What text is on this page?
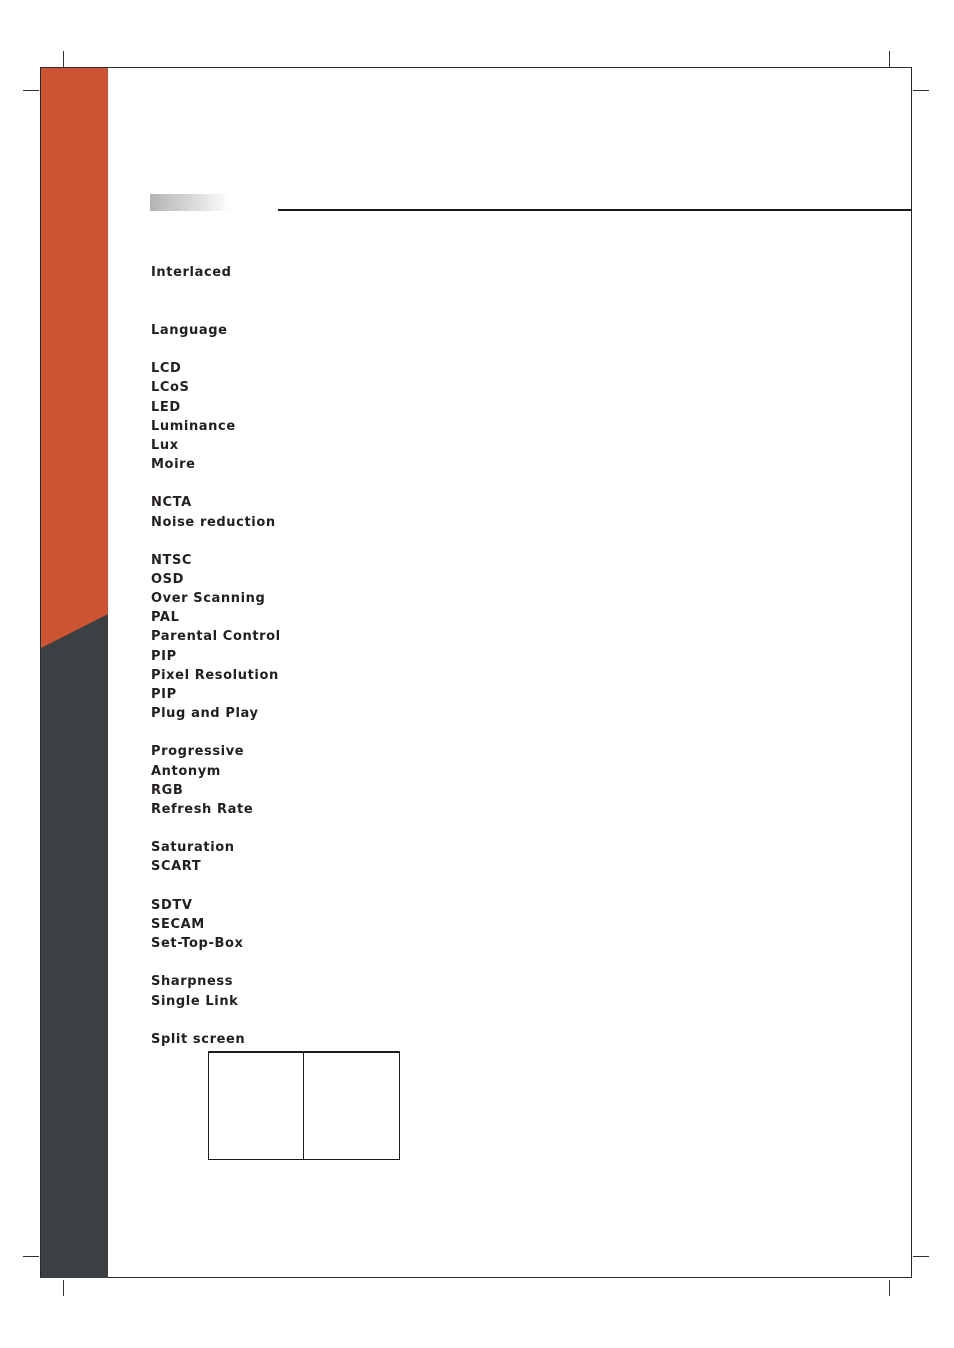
Interlaced
Language
LCD
LCoS
LED
Luminance
Lux
Moire
NCTA
Noise reduction
NTSC
OSD
Over Scanning
PAL
Parental Control
PIP
Pixel Resolution
PIP
Plug and Play
Progressive
Antonym
RGB
Refresh Rate
Saturation
SCART
SDTV
SECAM
Set-Top-Box
Sharpness
Single Link
Split screen
